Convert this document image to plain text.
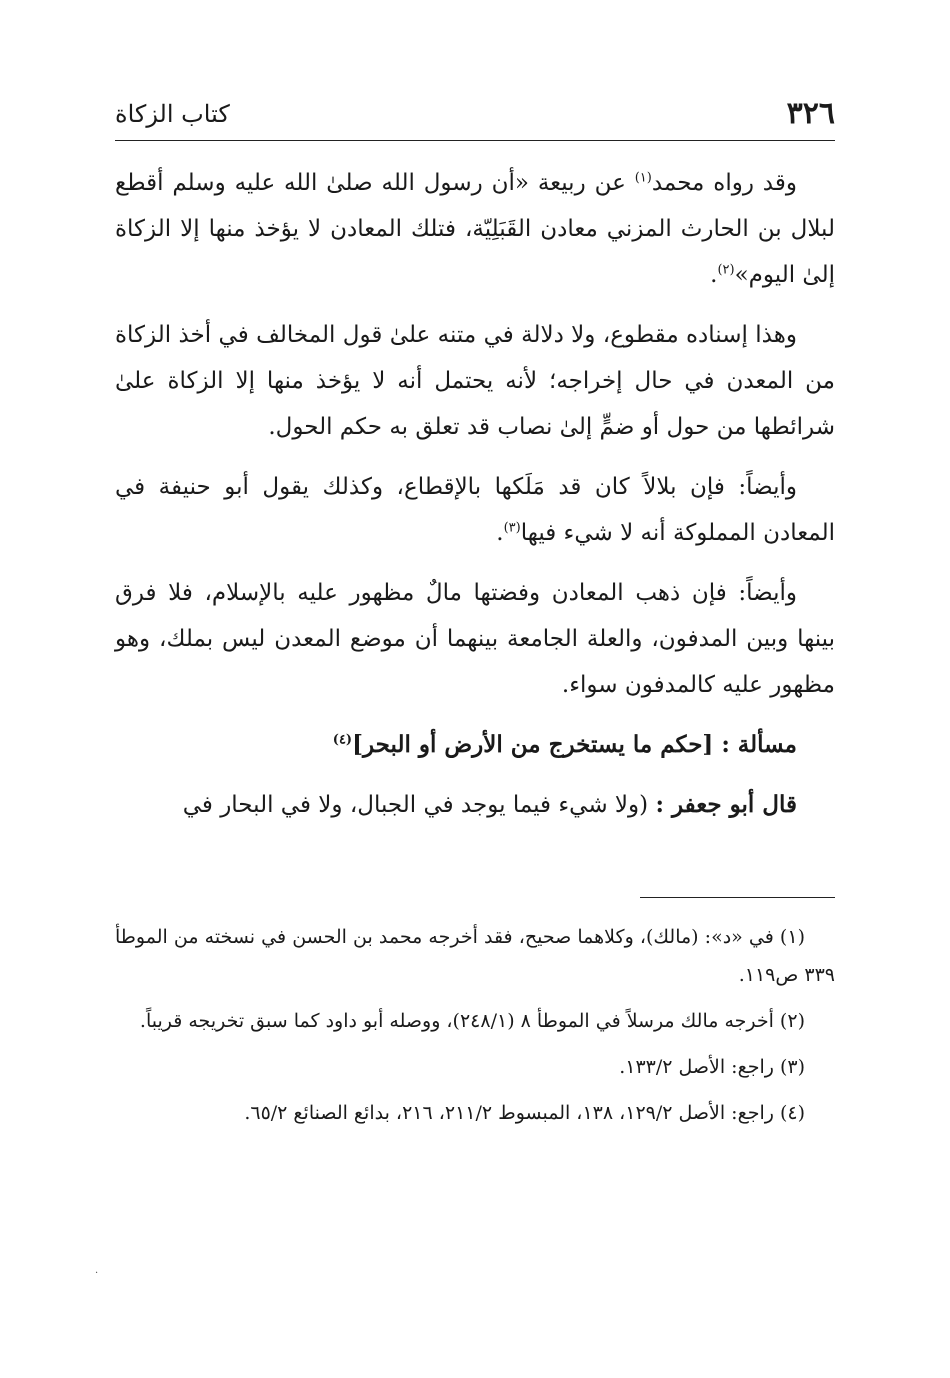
٣٢٦
كتاب الزكاة

وقد رواه محمد$^{(١)}$ عن ربيعة «أن رسول الله صلىٰ الله عليه وسلم أقطع لبلال بن الحارث المزني معادن القَبَلِيّة، فتلك المعادن لا يؤخذ منها إلا الزكاة إلىٰ اليوم»$^{(٢)}$.

وهذا إسناده مقطوع، ولا دلالة في متنه علىٰ قول المخالف في أخذ الزكاة من المعدن في حال إخراجه؛ لأنه يحتمل أنه لا يؤخذ منها إلا الزكاة علىٰ شرائطها من حول أو ضمٍّ إلىٰ نصاب قد تعلق به حكم الحول.

وأيضاً: فإن بلالاً كان قد مَلَكها بالإقطاع، وكذلك يقول أبو حنيفة في المعادن المملوكة أنه لا شيء فيها$^{(٣)}$.

وأيضاً: فإن ذهب المعادن وفضتها مالٌ مظهور عليه بالإسلام، فلا فرق بينها وبين المدفون، والعلة الجامعة بينهما أن موضع المعدن ليس بملك، وهو مظهور عليه كالمدفون سواء.

مسألة : [حكم ما يستخرج من الأرض أو البحر]$^{(٤)}$

قال أبو جعفر : (ولا شيء فيما يوجد في الجبال، ولا في البحار في

(١) في «د»: (مالك)، وكلاهما صحيح، فقد أخرجه محمد بن الحسن في نسخته من الموطأ ٣٣٩ ص١١٩.

(٢) أخرجه مالك مرسلاً في الموطأ ٨ (٢٤٨/١)، ووصله أبو داود كما سبق تخريجه قريباً.

(٣) راجع: الأصل ١٣٣/٢.

(٤) راجع: الأصل ١٢٩/٢، ١٣٨، المبسوط ٢١١/٢، ٢١٦، بدائع الصنائع ٦٥/٢.

·
